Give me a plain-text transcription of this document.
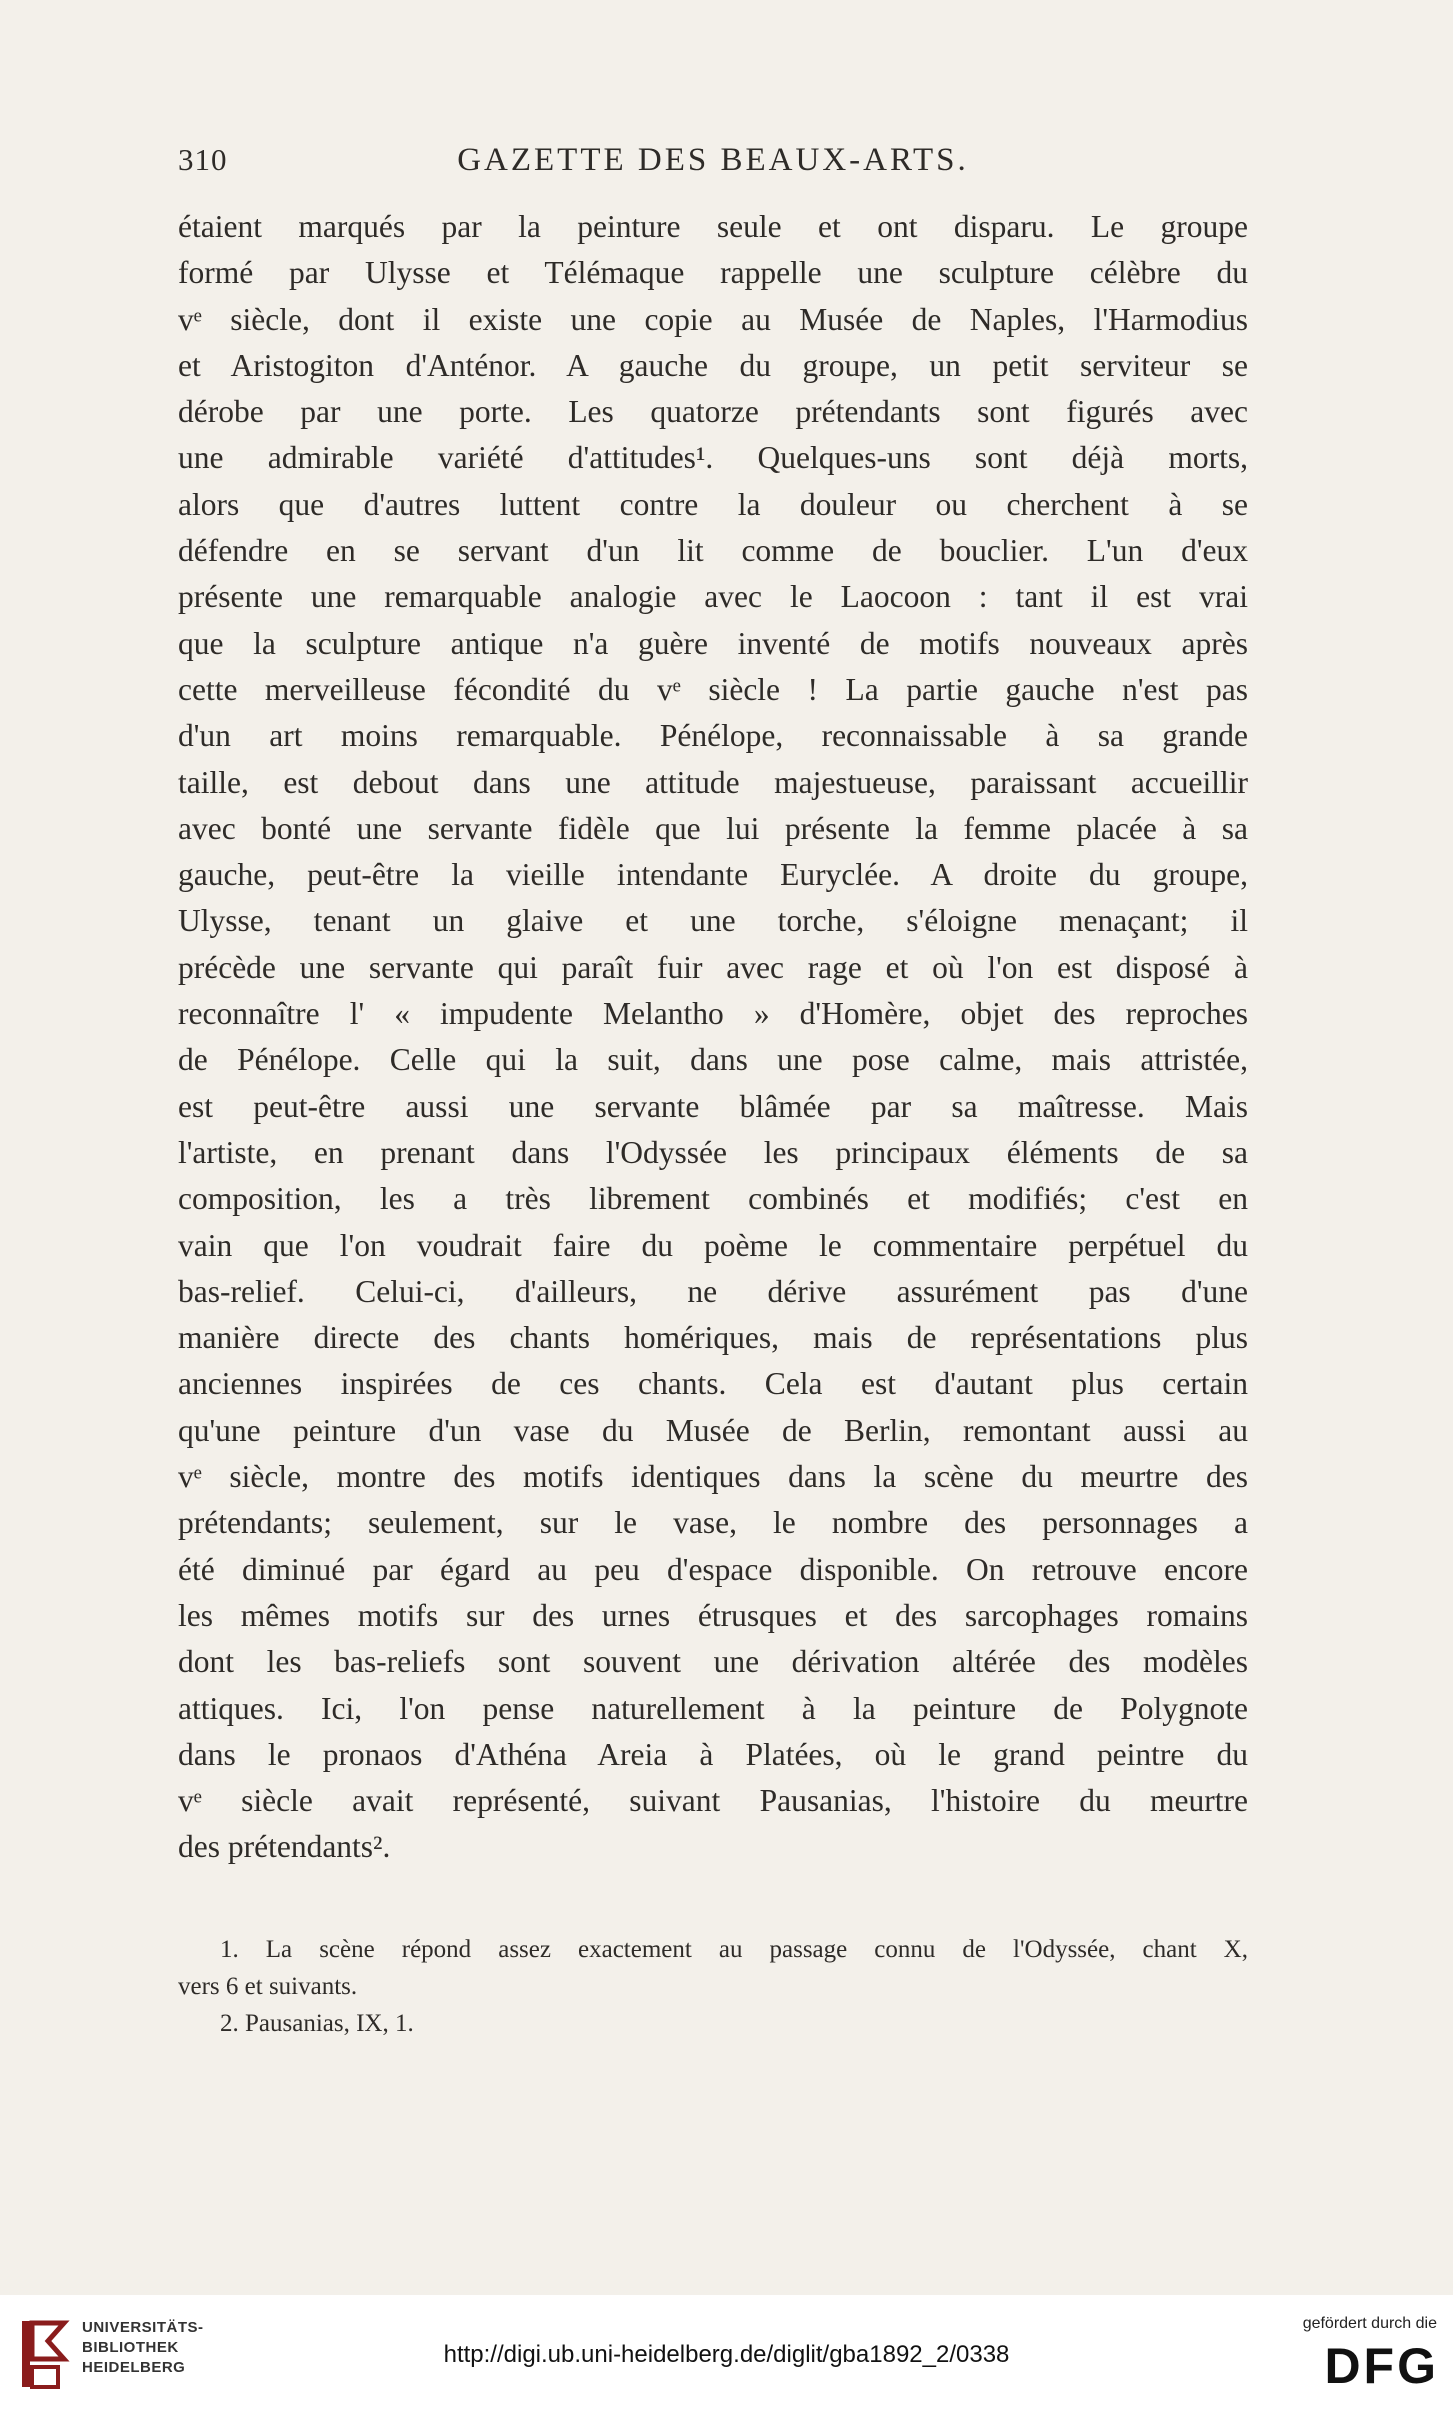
310	GAZETTE DES BEAUX-ARTS.
étaient marqués par la peinture seule et ont disparu. Le groupe
formé par Ulysse et Télémaque rappelle une sculpture célèbre du
vᵉ siècle, dont il existe une copie au Musée de Naples, l'Harmodius
et Aristogiton d'Anténor. A gauche du groupe, un petit serviteur se
dérobe par une porte. Les quatorze prétendants sont figurés avec
une admirable variété d'attitudes¹. Quelques-uns sont déjà morts,
alors que d'autres luttent contre la douleur ou cherchent à se
défendre en se servant d'un lit comme de bouclier. L'un d'eux
présente une remarquable analogie avec le Laocoon : tant il est vrai
que la sculpture antique n'a guère inventé de motifs nouveaux après
cette merveilleuse fécondité du vᵉ siècle ! La partie gauche n'est pas
d'un art moins remarquable. Pénélope, reconnaissable à sa grande
taille, est debout dans une attitude majestueuse, paraissant accueillir
avec bonté une servante fidèle que lui présente la femme placée à sa
gauche, peut-être la vieille intendante Euryclée. A droite du groupe,
Ulysse, tenant un glaive et une torche, s'éloigne menaçant; il
précède une servante qui paraît fuir avec rage et où l'on est disposé à
reconnaître l' « impudente Melantho » d'Homère, objet des reproches
de Pénélope. Celle qui la suit, dans une pose calme, mais attristée,
est peut-être aussi une servante blâmée par sa maîtresse. Mais
l'artiste, en prenant dans l'Odyssée les principaux éléments de sa
composition, les a très librement combinés et modifiés; c'est en
vain que l'on voudrait faire du poème le commentaire perpétuel du
bas-relief. Celui-ci, d'ailleurs, ne dérive assurément pas d'une
manière directe des chants homériques, mais de représentations plus
anciennes inspirées de ces chants. Cela est d'autant plus certain
qu'une peinture d'un vase du Musée de Berlin, remontant aussi au
vᵉ siècle, montre des motifs identiques dans la scène du meurtre des
prétendants; seulement, sur le vase, le nombre des personnages a
été diminué par égard au peu d'espace disponible. On retrouve encore
les mêmes motifs sur des urnes étrusques et des sarcophages romains
dont les bas-reliefs sont souvent une dérivation altérée des modèles
attiques. Ici, l'on pense naturellement à la peinture de Polygnote
dans le pronaos d'Athéna Areia à Platées, où le grand peintre du
vᵉ siècle avait représenté, suivant Pausanias, l'histoire du meurtre
des prétendants².
1. La scène répond assez exactement au passage connu de l'Odyssée, chant X,
vers 6 et suivants.
2. Pausanias, IX, 1.
UNIVERSITÄTS-
BIBLIOTHEK
HEIDELBERG	http://digi.ub.uni-heidelberg.de/diglit/gba1892_2/0338
gefördert durch die
DFG
